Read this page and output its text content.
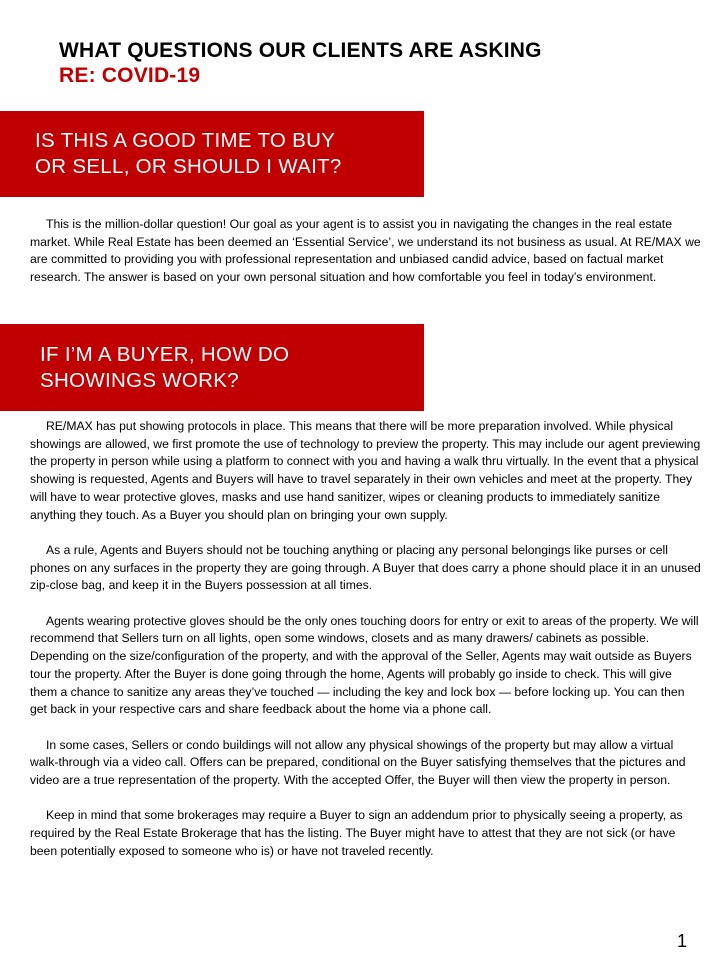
WHAT QUESTIONS OUR CLIENTS ARE ASKING
RE: COVID-19
IS THIS A GOOD TIME TO BUY
OR SELL, OR SHOULD I WAIT?

This is the million-dollar question! Our goal as your agent is to assist you in navigating the changes in the real estate market. While Real Estate has been deemed an ‘Essential Service’, we understand its not business as usual. At RE/MAX we are committed to providing you with professional representation and unbiased candid advice, based on factual market research. The answer is based on your own personal situation and how comfortable you feel in today’s environment.

IF I’M A BUYER, HOW DO
SHOWINGS WORK?

RE/MAX has put showing protocols in place. This means that there will be more preparation involved. While physical showings are allowed, we first promote the use of technology to preview the property. This may include our agent previewing the property in person while using a platform to connect with you and having a walk thru virtually. In the event that a physical showing is requested, Agents and Buyers will have to travel separately in their own vehicles and meet at the property. They will have to wear protective gloves, masks and use hand sanitizer, wipes or cleaning products to immediately sanitize anything they touch. As a Buyer you should plan on bringing your own supply.

As a rule, Agents and Buyers should not be touching anything or placing any personal belongings like purses or cell phones on any surfaces in the property they are going through. A Buyer that does carry a phone should place it in an unused zip-close bag, and keep it in the Buyers possession at all times.

Agents wearing protective gloves should be the only ones touching doors for entry or exit to areas of the property. We will recommend that Sellers turn on all lights, open some windows, closets and as many drawers/ cabinets as possible. Depending on the size/configuration of the property, and with the approval of the Seller, Agents may wait outside as Buyers tour the property. After the Buyer is done going through the home, Agents will probably go inside to check. This will give them a chance to sanitize any areas they’ve touched — including the key and lock box — before locking up. You can then get back in your respective cars and share feedback about the home via a phone call.

In some cases, Sellers or condo buildings will not allow any physical showings of the property but may allow a virtual walk-through via a video call. Offers can be prepared, conditional on the Buyer satisfying themselves that the pictures and video are a true representation of the property. With the accepted Offer, the Buyer will then view the property in person.

Keep in mind that some brokerages may require a Buyer to sign an addendum prior to physically seeing a property, as required by the Real Estate Brokerage that has the listing. The Buyer might have to attest that they are not sick (or have been potentially exposed to someone who is) or have not traveled recently.

1
